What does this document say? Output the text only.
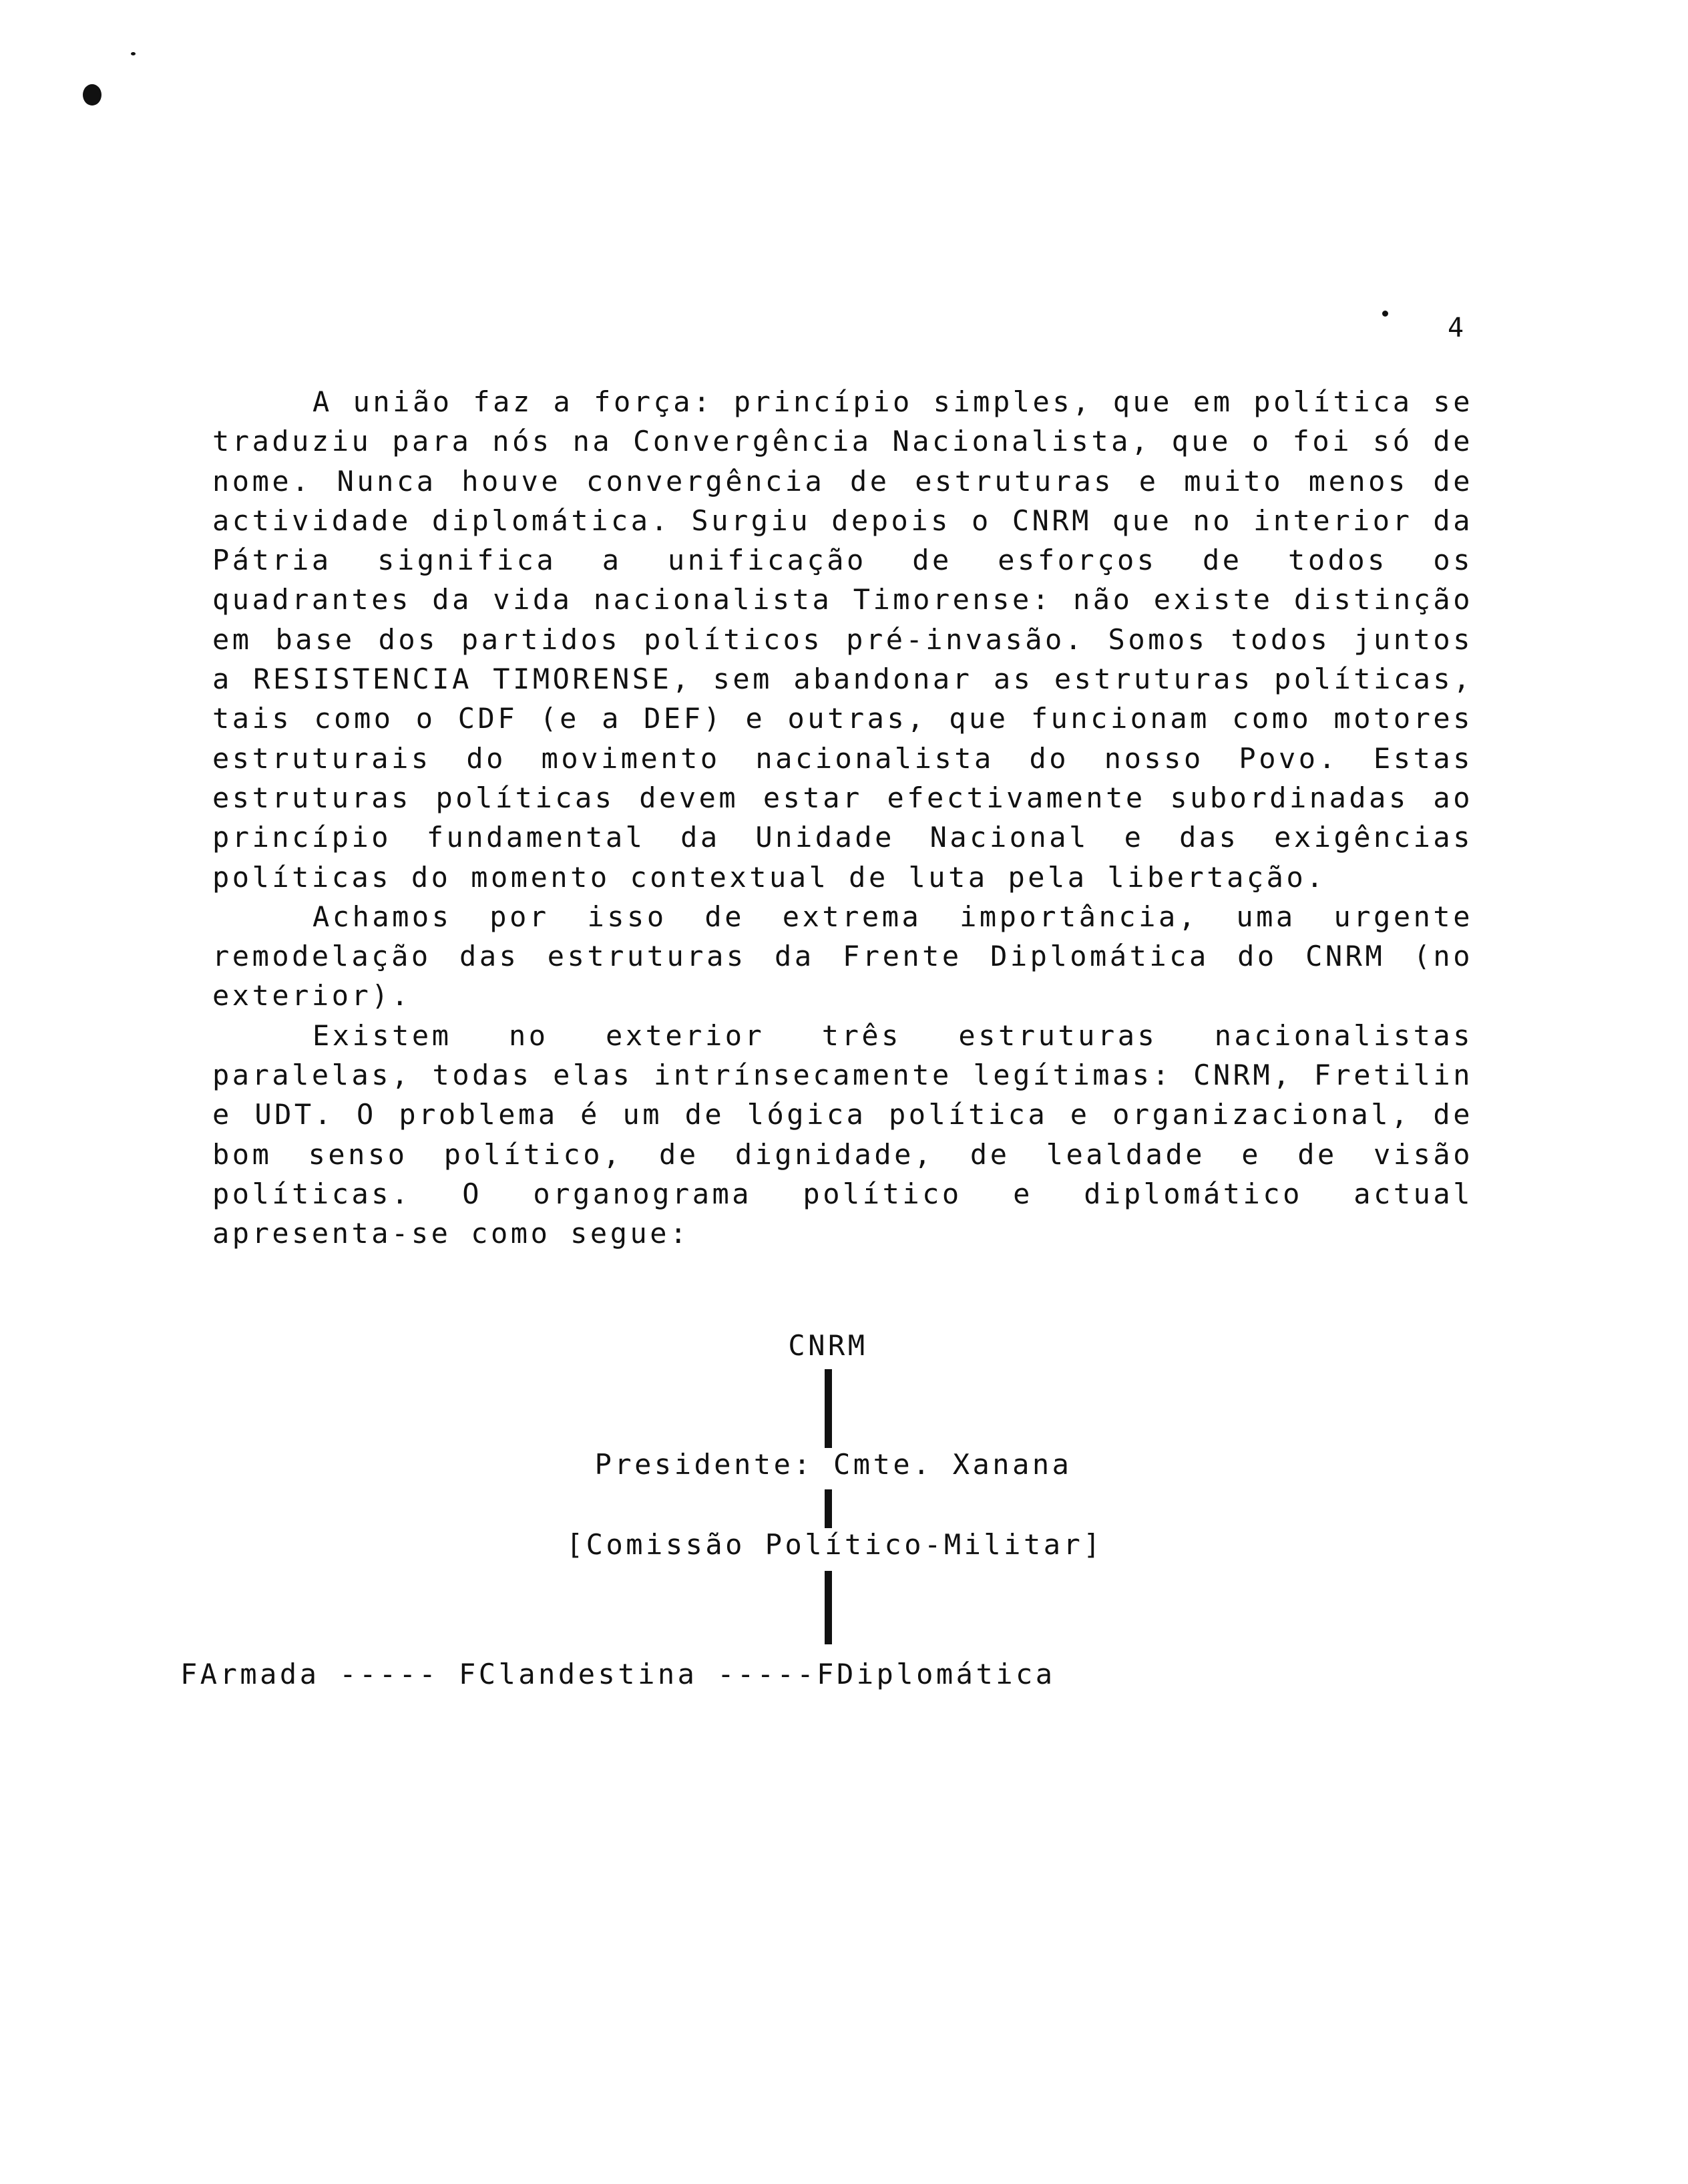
4

A união faz a força: princípio simples, que em política se traduziu para nós na Convergência Nacionalista, que o foi só de nome. Nunca houve convergência de estruturas e muito menos de actividade diplomática. Surgiu depois o CNRM que no interior da Pátria significa a unificação de esforços de todos os quadrantes da vida nacionalista Timorense: não existe distinção em base dos partidos políticos pré-invasão. Somos todos juntos a RESISTENCIA TIMORENSE, sem abandonar as estruturas políticas, tais como o CDF (e a DEF) e outras, que funcionam como motores estruturais do movimento nacionalista do nosso Povo. Estas estruturas políticas devem estar efectivamente subordinadas ao princípio fundamental da Unidade Nacional e das exigências políticas do momento contextual de luta pela libertação.

Achamos por isso de extrema importância, uma urgente remodelação das estruturas da Frente Diplomática do CNRM (no exterior).

Existem no exterior três estruturas nacionalistas paralelas, todas elas intrínsecamente legítimas: CNRM, Fretilin e UDT. O problema é um de lógica política e organizacional, de bom senso político, de dignidade, de lealdade e de visão políticas. O organograma político e diplomático actual apresenta-se como segue:

CNRM
Presidente: Cmte. Xanana
[Comissão Político-Militar]
FArmada ----- FClandestina -----FDiplomática
